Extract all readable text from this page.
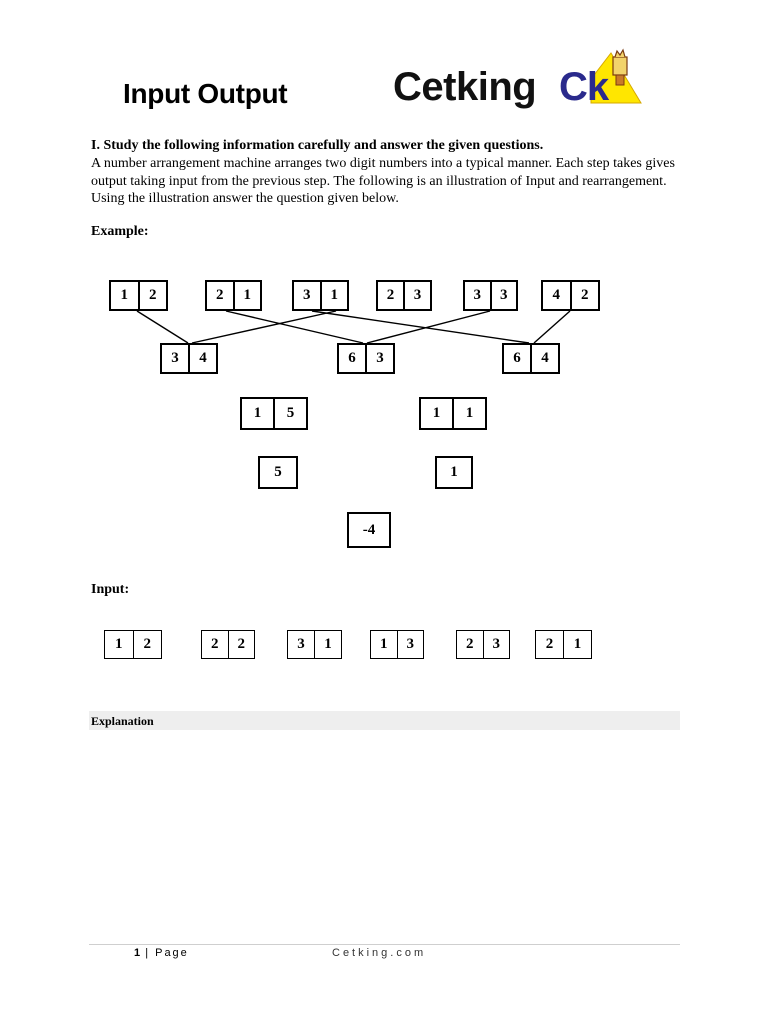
Input Output	Cetking Ck
I. Study the following information carefully and answer the given questions.
A number arrangement machine arranges two digit numbers into a typical manner. Each step takes gives output taking input from the previous step. The following is an illustration of Input and rearrangement. Using the illustration answer the question given below.
Example:
1	2	2	1	3	1	2	3	3	3	4	2
3	4	6	3	6	4
1	5	1	1
5	1
-4
Input:
1	2	2	2	3	1	1	3	2	3	2	1
Explanation
1 | Page	Cetking.com
